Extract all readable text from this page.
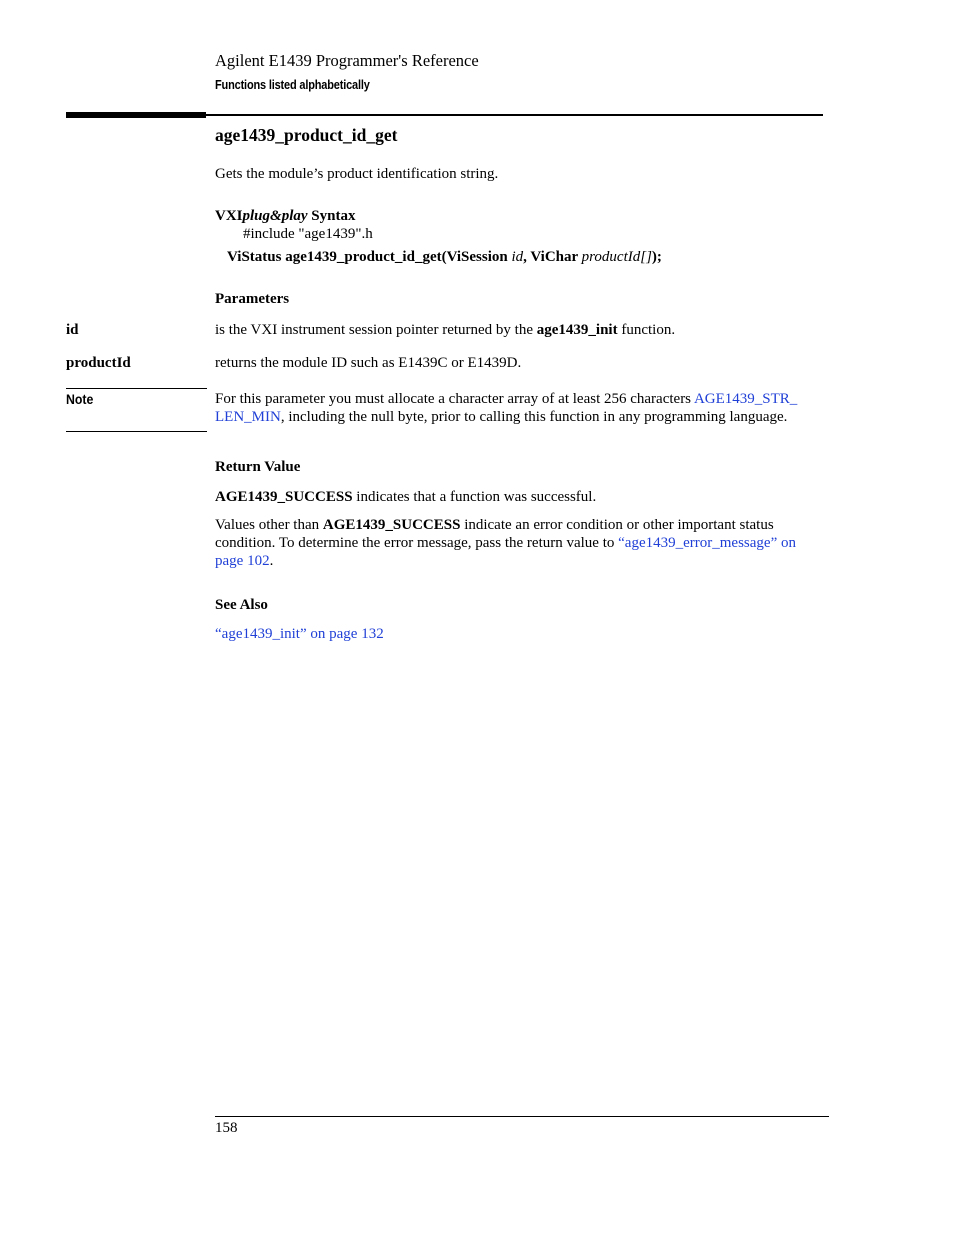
Agilent E1439 Programmer's Reference
Functions listed alphabetically
age1439_product_id_get
Gets the module’s product identification string.
VXIplug&play Syntax
#include "age1439".h
ViStatus age1439_product_id_get(ViSession id, ViChar productId[]);
Parameters
id	is the VXI instrument session pointer returned by the age1439_init function.
productId	returns the module ID such as E1439C or E1439D.
Note	For this parameter you must allocate a character array of at least 256 characters AGE1439_STR_
LEN_MIN, including the null byte, prior to calling this function in any programming language.
Return Value
AGE1439_SUCCESS indicates that a function was successful.
Values other than AGE1439_SUCCESS indicate an error condition or other important status condition. To determine the error message, pass the return value to “age1439_error_message” on page 102.
See Also
“age1439_init” on page 132
158
